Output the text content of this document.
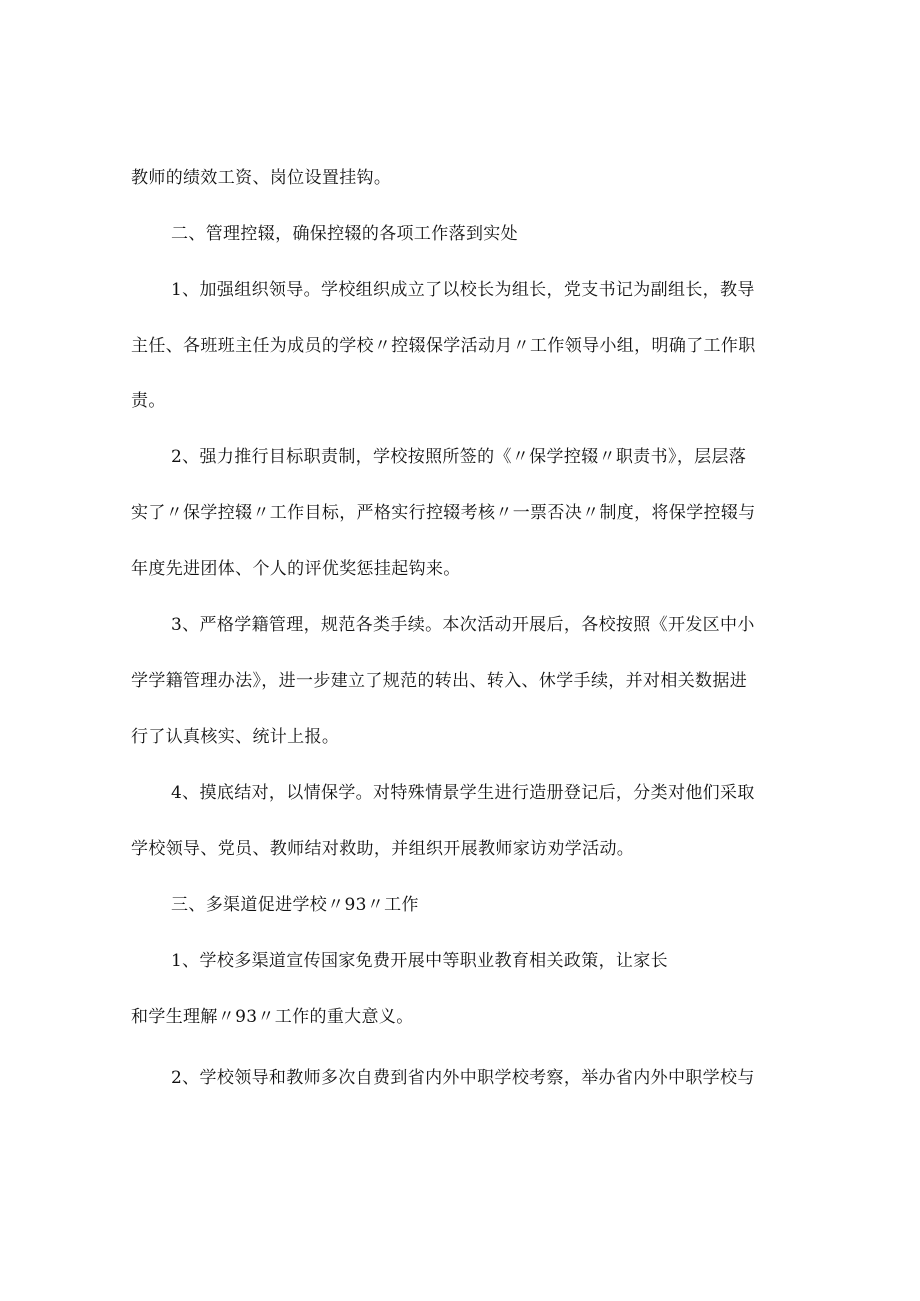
教师的绩效工资、岗位设置挂钩。
二、管理控辍，确保控辍的各项工作落到实处
1、加强组织领导。学校组织成立了以校长为组长，党支书记为副组长，教导
主任、各班班主任为成员的学校〃控辍保学活动月〃工作领导小组，明确了工作职
责。
2、强力推行目标职责制，学校按照所签的《〃保学控辍〃职责书》，层层落
实了〃保学控辍〃工作目标，严格实行控辍考核〃一票否决〃制度，将保学控辍与
年度先进团体、个人的评优奖惩挂起钩来。
3、严格学籍管理，规范各类手续。本次活动开展后，各校按照《开发区中小
学学籍管理办法》，进一步建立了规范的转出、转入、休学手续，并对相关数据进
行了认真核实、统计上报。
4、摸底结对，以情保学。对特殊情景学生进行造册登记后，分类对他们采取
学校领导、党员、教师结对救助，并组织开展教师家访劝学活动。
三、多渠道促进学校〃93〃工作
1、学校多渠道宣传国家免费开展中等职业教育相关政策，让家长
和学生理解〃93〃工作的重大意义。
2、学校领导和教师多次自费到省内外中职学校考察，举办省内外中职学校与
